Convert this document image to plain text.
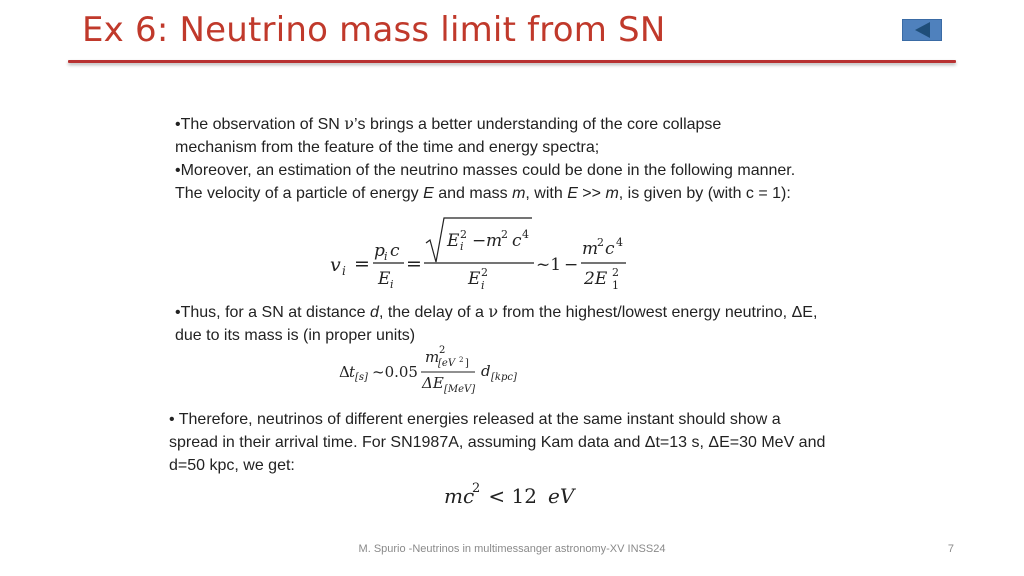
Ex 6: Neutrino mass limit from SN
•The observation of SN ν’s brings a better understanding of the core collapse
mechanism from the feature of the time and energy spectra;
•Moreover, an estimation of the neutrino masses could be done in the following manner.
The velocity of a particle of energy E and mass m, with E >> m, is given by (with c = 1):
v i =
p i c
E i
=
E 2
i − m
2 c 4
E 2
i
~1 −
m
2 c 4
2E 2
1
•Thus, for a SN at distance d, the delay of a ν from the highest/lowest energy neutrino, ΔE,
due to its mass is (in proper units)
Δ t [s] ~0.05
m 2
[eV 2 ]
ΔE [MeV]
d [kpc]
• Therefore, neutrinos of different energies released at the same instant should show a
spread in their arrival time. For SN1987A, assuming Kam data and Δt=13 s, ΔE=30 MeV and
d=50 kpc, we get:
mc
2 < 12 eV
M. Spurio -Neutrinos in multimessanger astronomy-XV INSS24	7
